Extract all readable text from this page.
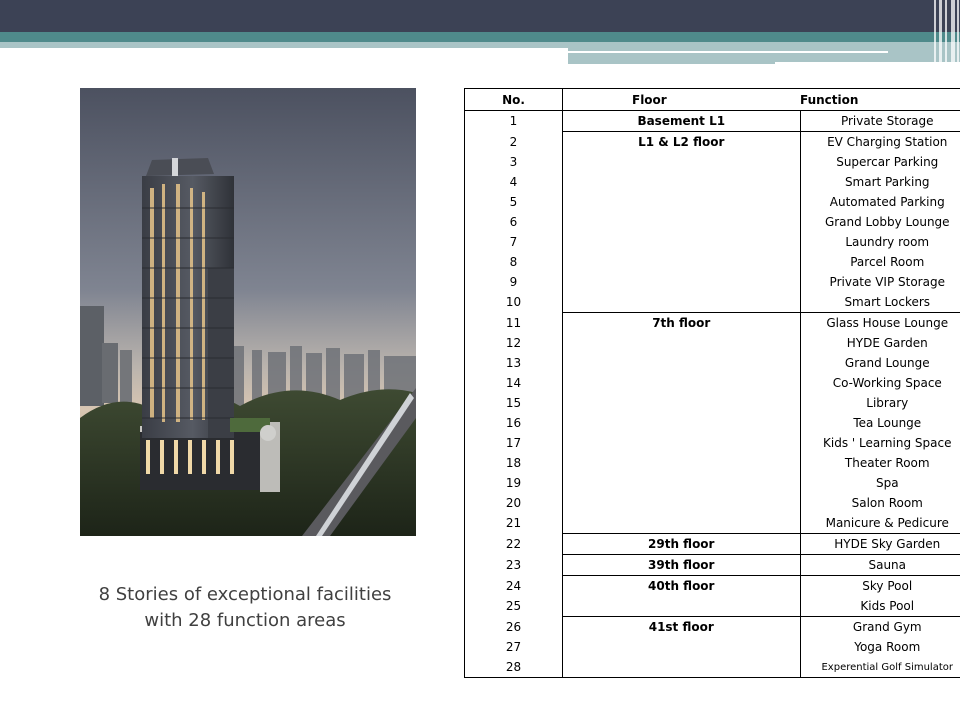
8 Stories of exceptional facilities
with 28 function areas
No.	Floor	Function
1	Basement L1	Private Storage
2	L1 & L2 floor	EV Charging Station
3		Supercar Parking
4		Smart Parking
5		Automated Parking
6		Grand Lobby Lounge
7		Laundry room
8		Parcel Room
9		Private VIP Storage
10		Smart Lockers
11	7th floor	Glass House Lounge
12		HYDE Garden
13		Grand Lounge
14		Co-Working Space
15		Library
16		Tea Lounge
17		Kids ' Learning Space
18		Theater Room
19		Spa
20		Salon Room
21		Manicure & Pedicure
22	29th floor	HYDE Sky Garden
23	39th floor	Sauna
24	40th floor	Sky Pool
25		Kids Pool
26	41st floor	Grand Gym
27		Yoga Room
28		Experential Golf Simulator
